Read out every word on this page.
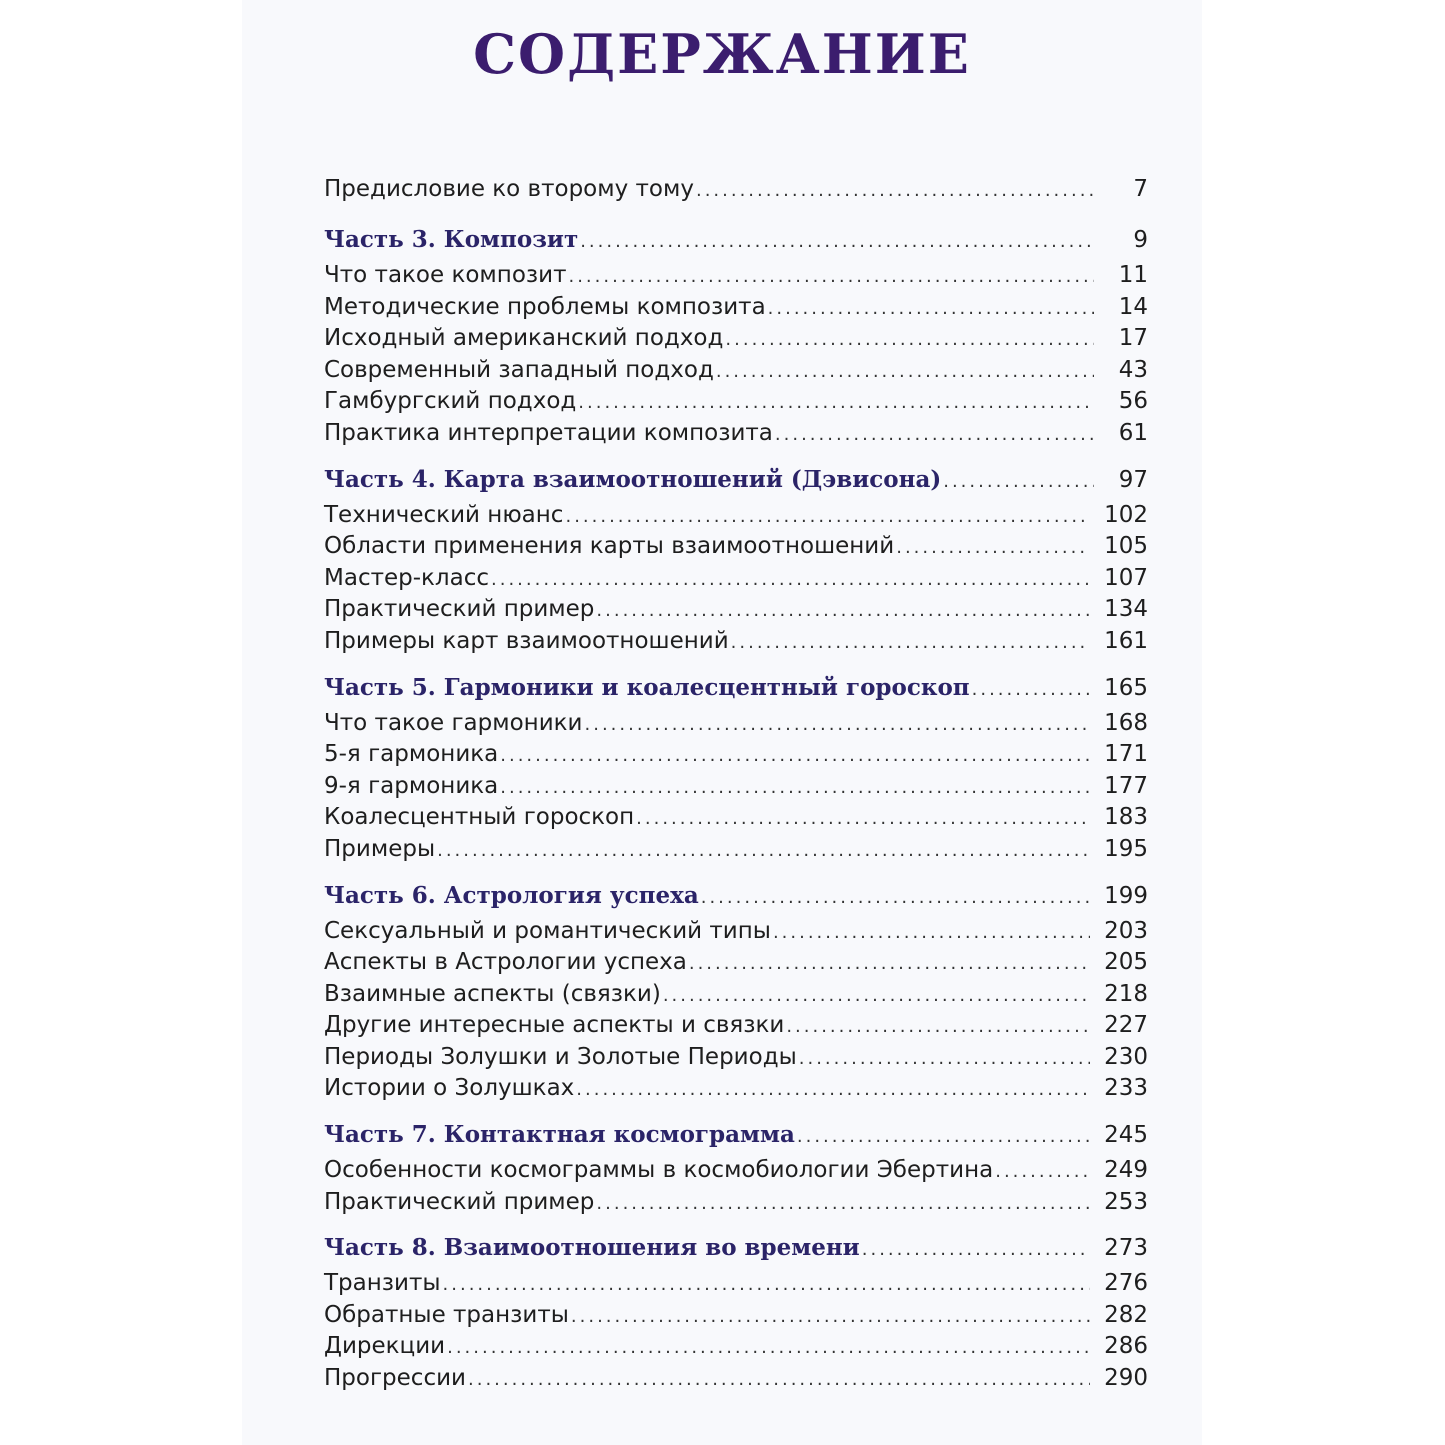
СОДЕРЖАНИЕ
Предисловие ко второму тому .....	7
Часть 3. Композит .....	9
Что такое композит .....	11
Методические проблемы композита .....	14
Исходный американский подход .....	17
Современный западный подход .....	43
Гамбургский подход .....	56
Практика интерпретации композита .....	61
Часть 4. Карта взаимоотношений (Дэвисона) .....	97
Технический нюанс .....	102
Области применения карты взаимоотношений .....	105
Мастер-класс .....	107
Практический пример .....	134
Примеры карт взаимоотношений .....	161
Часть 5. Гармоники и коалесцентный гороскоп .....	165
Что такое гармоники .....	168
5-я гармоника .....	171
9-я гармоника .....	177
Коалесцентный гороскоп .....	183
Примеры .....	195
Часть 6. Астрология успеха .....	199
Сексуальный и романтический типы .....	203
Аспекты в Астрологии успеха .....	205
Взаимные аспекты (связки) .....	218
Другие интересные аспекты и связки .....	227
Периоды Золушки и Золотые Периоды .....	230
Истории о Золушках .....	233
Часть 7. Контактная космограмма .....	245
Особенности космограммы в космобиологии Эбертина .....	249
Практический пример .....	253
Часть 8. Взаимоотношения во времени .....	273
Транзиты .....	276
Обратные транзиты .....	282
Дирекции .....	286
Прогрессии .....	290
